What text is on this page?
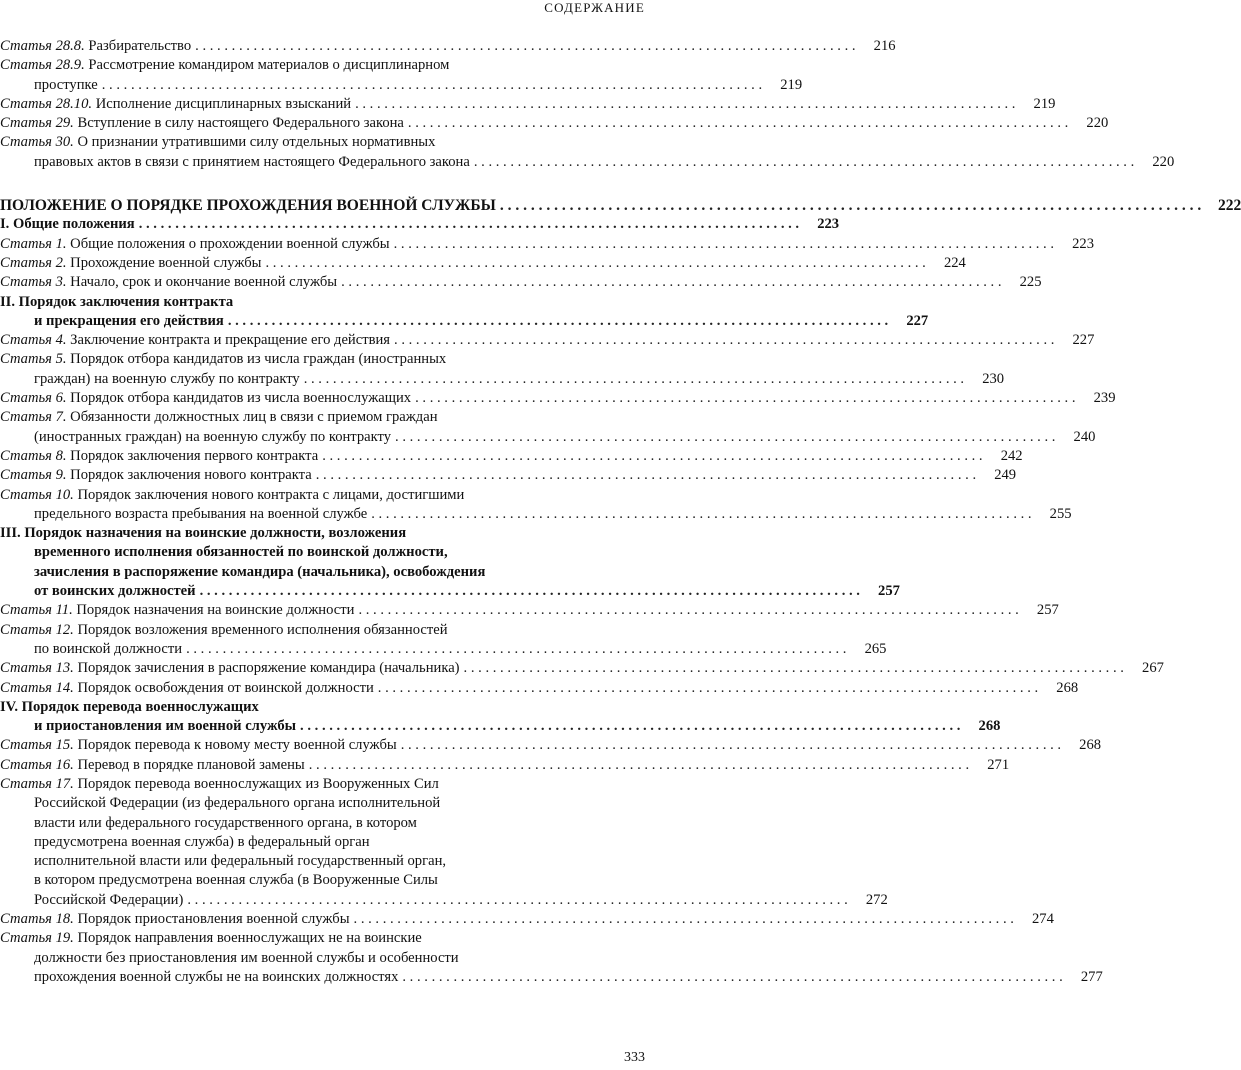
СОДЕРЖАНИЕ
Статья 28.8. Разбирательство . . .	216
Статья 28.9. Рассмотрение командиром материалов о дисциплинарном
проступке . . .	219
Статья 28.10. Исполнение дисциплинарных взысканий . . .	219
Статья 29. Вступление в силу настоящего Федерального закона . . .	220
Статья 30. О признании утратившими силу отдельных нормативных
правовых актов в связи с принятием настоящего Федерального закона . . .	220
ПОЛОЖЕНИЕ О ПОРЯДКЕ ПРОХОЖДЕНИЯ ВОЕННОЙ СЛУЖБЫ . . .	222
I. Общие положения . . .	223
Статья 1. Общие положения о прохождении военной службы . . .	223
Статья 2. Прохождение военной службы . . .	224
Статья 3. Начало, срок и окончание военной службы . . .	225
II. Порядок заключения контракта
и прекращения его действия . . .	227
Статья 4. Заключение контракта и прекращение его действия . . .	227
Статья 5. Порядок отбора кандидатов из числа граждан (иностранных
граждан) на военную службу по контракту . . .	230
Статья 6. Порядок отбора кандидатов из числа военнослужащих . . .	239
Статья 7. Обязанности должностных лиц в связи с приемом граждан
(иностранных граждан) на военную службу по контракту . . .	240
Статья 8. Порядок заключения первого контракта . . .	242
Статья 9. Порядок заключения нового контракта . . .	249
Статья 10. Порядок заключения нового контракта с лицами, достигшими
предельного возраста пребывания на военной службе . . .	255
III. Порядок назначения на воинские должности, возложения
временного исполнения обязанностей по воинской должности,
зачисления в распоряжение командира (начальника), освобождения
от воинских должностей . . .	257
Статья 11. Порядок назначения на воинские должности . . .	257
Статья 12. Порядок возложения временного исполнения обязанностей
по воинской должности . . .	265
Статья 13. Порядок зачисления в распоряжение командира (начальника) . . .	267
Статья 14. Порядок освобождения от воинской должности . . .	268
IV. Порядок перевода военнослужащих
и приостановления им военной службы . . .	268
Статья 15. Порядок перевода к новому месту военной службы . . .	268
Статья 16. Перевод в порядке плановой замены . . .	271
Статья 17. Порядок перевода военнослужащих из Вооруженных Сил
Российской Федерации (из федерального органа исполнительной
власти или федерального государственного органа, в котором
предусмотрена военная служба) в федеральный орган
исполнительной власти или федеральный государственный орган,
в котором предусмотрена военная служба (в Вооруженные Силы
Российской Федерации) . . .	272
Статья 18. Порядок приостановления военной службы . . .	274
Статья 19. Порядок направления военнослужащих не на воинские
должности без приостановления им военной службы и особенности
прохождения военной службы не на воинских должностях . . .	277
333
